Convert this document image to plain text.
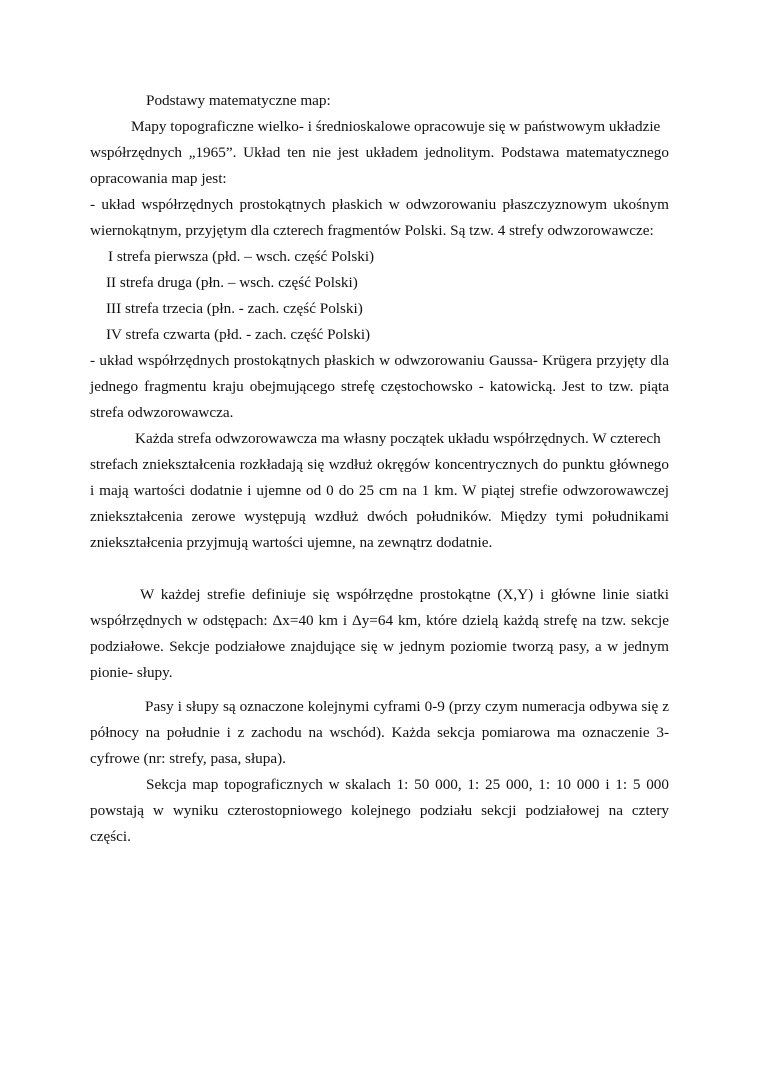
Podstawy matematyczne map:
Mapy topograficzne wielko- i średnioskalowe opracowuje się w państwowym układzie
współrzędnych „1965”. Układ ten nie jest układem jednolitym. Podstawa matematycznego
opracowania map jest:
- układ współrzędnych prostokątnych płaskich w odwzorowaniu płaszczyznowym ukośnym
wiernokątnym, przyjętym dla czterech fragmentów Polski. Są tzw. 4 strefy odwzorowawcze:
I strefa pierwsza (płd. – wsch. część Polski)
II strefa druga (płn. – wsch. część Polski)
III strefa trzecia (płn. - zach. część Polski)
IV strefa czwarta (płd. - zach. część Polski)
- układ współrzędnych prostokątnych płaskich w odwzorowaniu Gaussa- Krügera przyjęty dla
jednego fragmentu kraju obejmującego strefę częstochowsko - katowicką. Jest to tzw. piąta
strefa odwzorowawcza.
Każda strefa odwzorowawcza ma własny początek układu współrzędnych. W czterech
strefach zniekształcenia rozkładają się wzdłuż okręgów koncentrycznych do punktu głównego
i mają wartości dodatnie i ujemne od 0 do 25 cm na 1 km. W piątej strefie odwzorowawczej
zniekształcenia zerowe występują wzdłuż dwóch południków. Między tymi południkami
zniekształcenia przyjmują wartości ujemne, na zewnątrz dodatnie.
W każdej strefie definiuje się współrzędne prostokątne (X,Y) i główne linie siatki
współrzędnych w odstępach: Δx=40 km i Δy=64 km, które dzielą każdą strefę na tzw. sekcje
podziałowe. Sekcje podziałowe znajdujące się w jednym poziomie tworzą pasy, a w jednym
pionie- słupy.
Pasy i słupy są oznaczone kolejnymi cyframi 0-9 (przy czym numeracja odbywa się z
północy na południe i z zachodu na wschód). Każda sekcja pomiarowa ma oznaczenie 3-
cyfrowe (nr: strefy, pasa, słupa).
Sekcja map topograficznych w skalach 1: 50 000, 1: 25 000, 1: 10 000 i 1: 5 000
powstają w wyniku czterostopniowego kolejnego podziału sekcji podziałowej na cztery
części.
